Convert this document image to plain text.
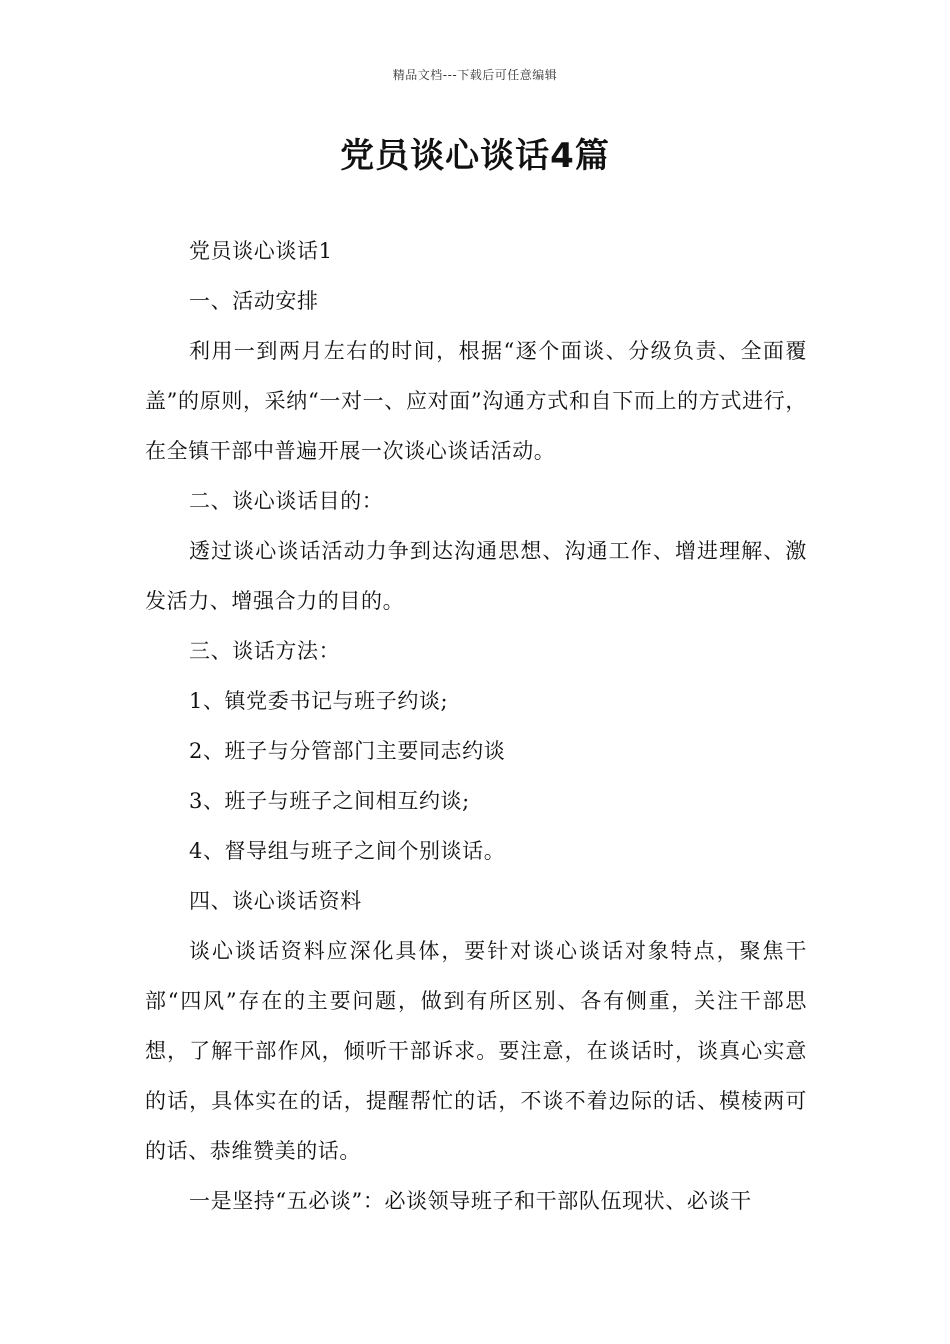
精品文档---下载后可任意编辑
党员谈心谈话4篇

党员谈心谈话1

一、活动安排

利用一到两月左右的时间，根据“逐个面谈、分级负责、全面覆盖”的原则，采纳“一对一、应对面”沟通方式和自下而上的方式进行，在全镇干部中普遍开展一次谈心谈话活动。

二、谈心谈话目的：

透过谈心谈话活动力争到达沟通思想、沟通工作、增进理解、激发活力、增强合力的目的。

三、谈话方法：

1、镇党委书记与班子约谈;

2、班子与分管部门主要同志约谈

3、班子与班子之间相互约谈;

4、督导组与班子之间个别谈话。

四、谈心谈话资料

谈心谈话资料应深化具体，要针对谈心谈话对象特点，聚焦干部“四风”存在的主要问题，做到有所区别、各有侧重，关注干部思想，了解干部作风，倾听干部诉求。要注意，在谈话时，谈真心实意的话，具体实在的话，提醒帮忙的话，不谈不着边际的话、模棱两可的话、恭维赞美的话。

一是坚持“五必谈”：必谈领导班子和干部队伍现状、必谈干
